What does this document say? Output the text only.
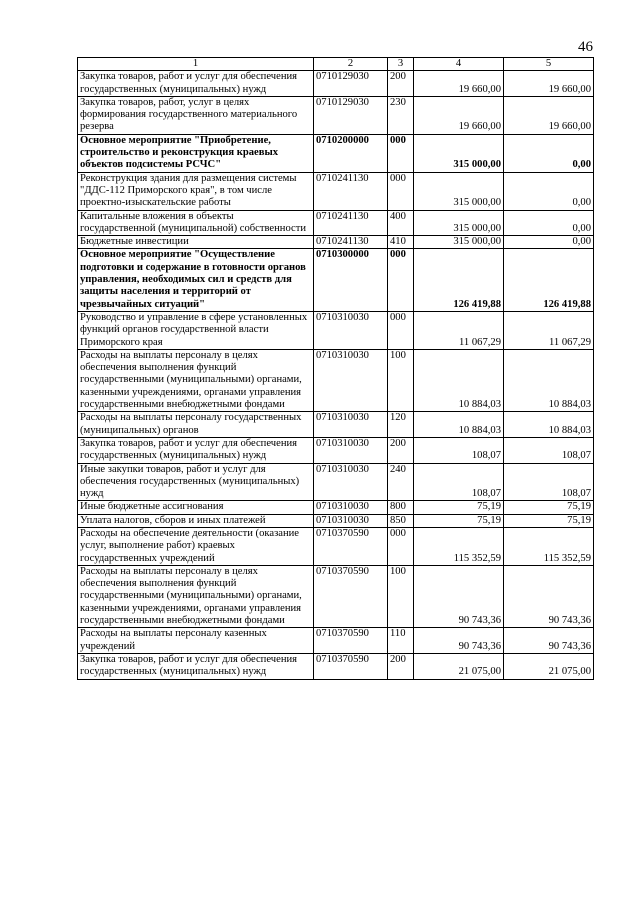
46
1	2	3	4	5
Закупка товаров, работ и услуг для обеспечения государственных (муниципальных) нужд	0710129030	200	19 660,00	19 660,00
Закупка товаров, работ, услуг в целях формирования государственного материального резерва	0710129030	230	19 660,00	19 660,00
Основное мероприятие "Приобретение, строительство и реконструкция краевых объектов подсистемы РСЧС"	0710200000	000	315 000,00	0,00
Реконструкция здания для размещения системы "ДДС-112 Приморского края", в том числе проектно-изыскательские работы	0710241130	000	315 000,00	0,00
Капитальные вложения в объекты государственной (муниципальной) собственности	0710241130	400	315 000,00	0,00
Бюджетные инвестиции	0710241130	410	315 000,00	0,00
Основное мероприятие "Осуществление подготовки и содержание в готовности органов управления, необходимых сил и средств для защиты населения и территорий от чрезвычайных ситуаций"	0710300000	000	126 419,88	126 419,88
Руководство и управление в сфере установленных функций органов государственной власти Приморского края	0710310030	000	11 067,29	11 067,29
Расходы на выплаты персоналу в целях обеспечения выполнения функций государственными (муниципальными) органами, казенными учреждениями, органами управления государственными внебюджетными фондами	0710310030	100	10 884,03	10 884,03
Расходы на выплаты персоналу государственных (муниципальных) органов	0710310030	120	10 884,03	10 884,03
Закупка товаров, работ и услуг для обеспечения государственных (муниципальных) нужд	0710310030	200	108,07	108,07
Иные закупки товаров, работ и услуг для обеспечения государственных (муниципальных) нужд	0710310030	240	108,07	108,07
Иные бюджетные ассигнования	0710310030	800	75,19	75,19
Уплата налогов, сборов и иных платежей	0710310030	850	75,19	75,19
Расходы на обеспечение деятельности (оказание услуг, выполнение работ) краевых государственных учреждений	0710370590	000	115 352,59	115 352,59
Расходы на выплаты персоналу в целях обеспечения выполнения функций государственными (муниципальными) органами, казенными учреждениями, органами управления государственными внебюджетными фондами	0710370590	100	90 743,36	90 743,36
Расходы на выплаты персоналу казенных учреждений	0710370590	110	90 743,36	90 743,36
Закупка товаров, работ и услуг для обеспечения государственных (муниципальных) нужд	0710370590	200	21 075,00	21 075,00
